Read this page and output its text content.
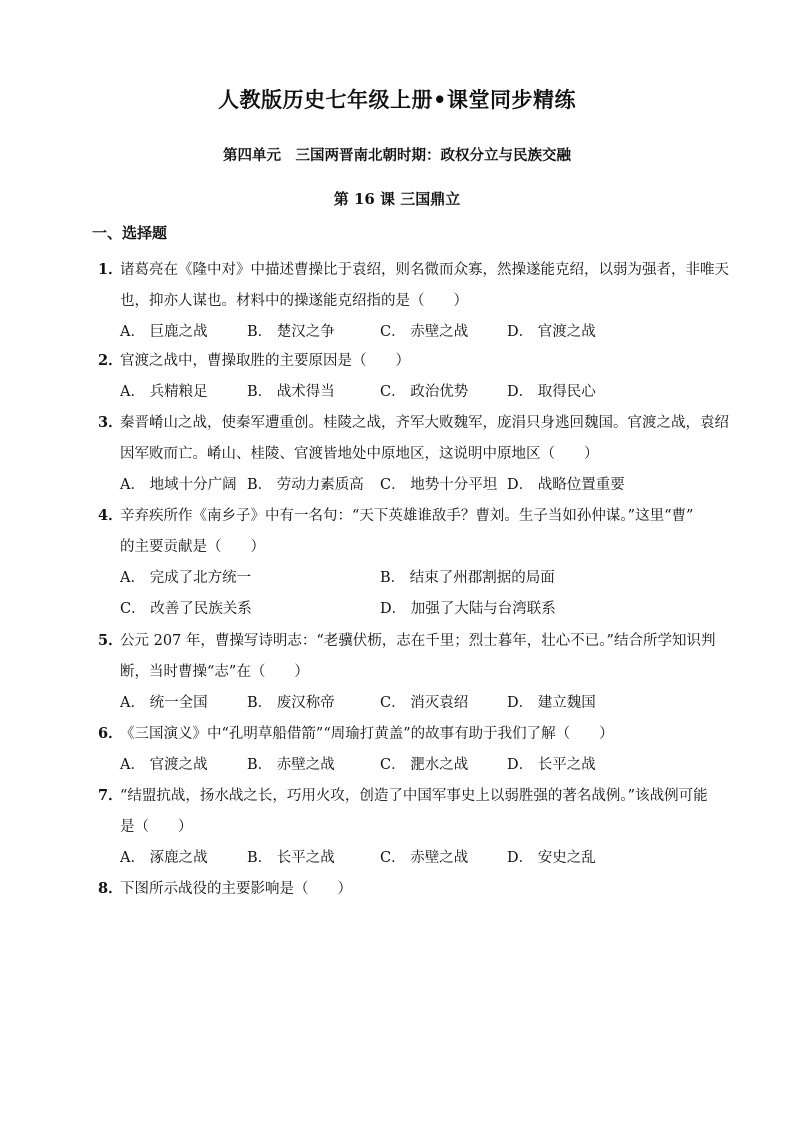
人教版历史七年级上册•课堂同步精练
第四单元　三国两晋南北朝时期：政权分立与民族交融
第 16 课 三国鼎立
一、选择题
1．诸葛亮在《隆中对》中描述曹操比于袁绍，则名微而众寡，然操遂能克绍，以弱为强者，非唯天
也，抑亦人谋也。材料中的操遂能克绍指的是（　　）
A． 巨鹿之战	B． 楚汉之争	C． 赤壁之战	D． 官渡之战
2．官渡之战中，曹操取胜的主要原因是（　　）
A． 兵精粮足	B． 战术得当	C． 政治优势	D． 取得民心
3．秦晋崤山之战，使秦军遭重创。桂陵之战，齐军大败魏军，庞涓只身逃回魏国。官渡之战，袁绍
因军败而亡。崤山、桂陵、官渡皆地处中原地区，这说明中原地区（　　）
A． 地域十分广阔 B． 劳动力素质高 C． 地势十分平坦 D． 战略位置重要
4．辛弃疾所作《南乡子》中有一名句：“天下英雄谁敌手？曹刘。生子当如孙仲谋。”这里“曹”
的主要贡献是（　　）
A． 完成了北方统一	B． 结束了州郡割据的局面
C． 改善了民族关系	D． 加强了大陆与台湾联系
5．公元 207 年，曹操写诗明志：“老骥伏枥，志在千里；烈士暮年，壮心不已。”结合所学知识判
断，当时曹操“志”在（　　）
A． 统一全国	B． 废汉称帝	C． 消灭袁绍	D． 建立魏国
6．《三国演义》中“孔明草船借箭”“周瑜打黄盖”的故事有助于我们了解（　　）
A． 官渡之战	B． 赤壁之战	C． 淝水之战	D． 长平之战
7．“结盟抗战，扬水战之长，巧用火攻，创造了中国军事史上以弱胜强的著名战例。”该战例可能
是（　　）
A． 涿鹿之战	B． 长平之战	C． 赤壁之战	D． 安史之乱
8．下图所示战役的主要影响是（　　）
